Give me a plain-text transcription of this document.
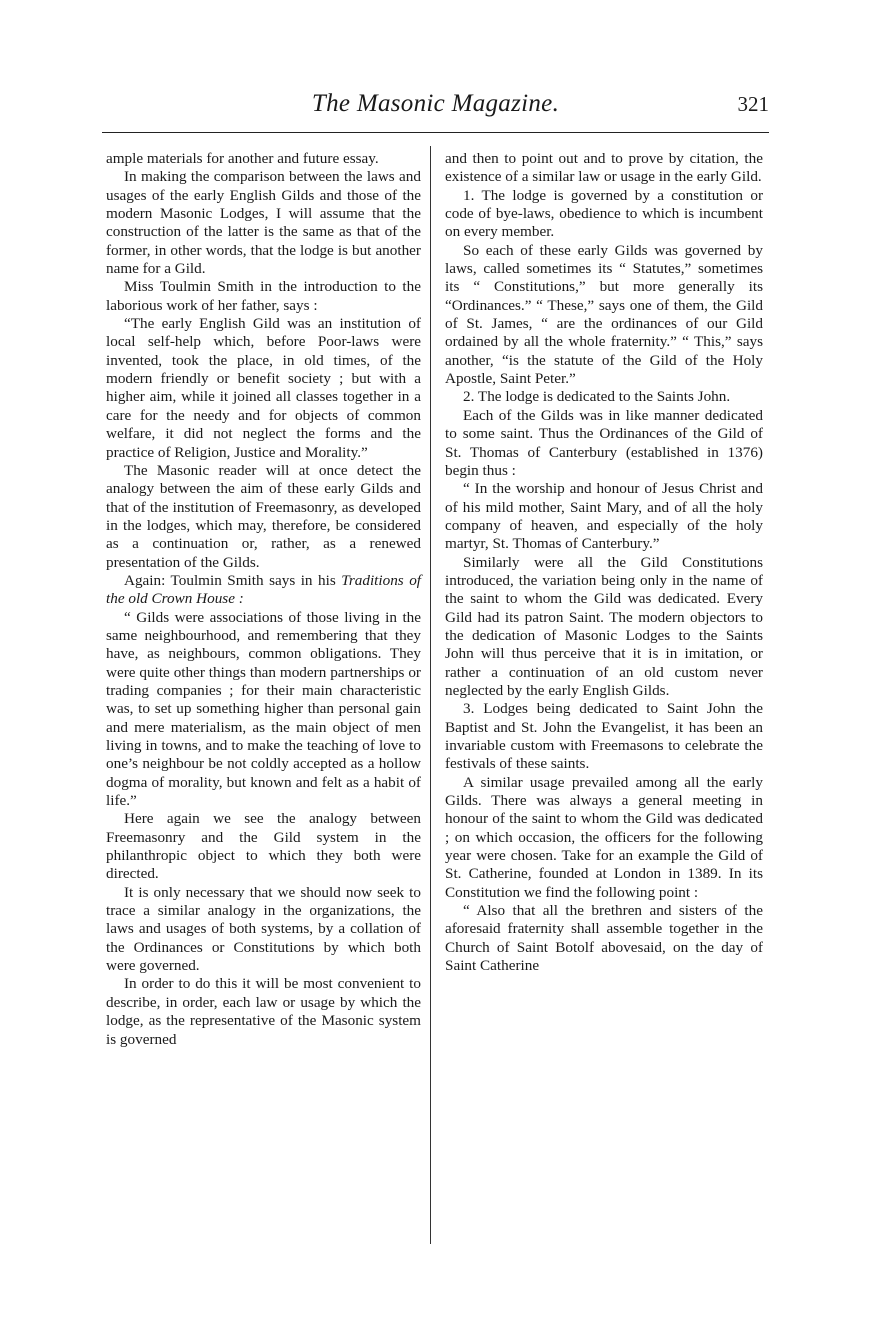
The Masonic Magazine.	321

ample materials for another and future essay.

In making the comparison between the laws and usages of the early English Gilds and those of the modern Masonic Lodges, I will assume that the construction of the latter is the same as that of the former, in other words, that the lodge is but another name for a Gild.

Miss Toulmin Smith in the introduction to the laborious work of her father, says :

“The early English Gild was an institution of local self-help which, before Poor-laws were invented, took the place, in old times, of the modern friendly or benefit society ; but with a higher aim, while it joined all classes together in a care for the needy and for objects of common welfare, it did not neglect the forms and the practice of Religion, Justice and Morality.”

The Masonic reader will at once detect the analogy between the aim of these early Gilds and that of the institution of Freemasonry, as developed in the lodges, which may, therefore, be considered as a continuation or, rather, as a renewed presentation of the Gilds.

Again: Toulmin Smith says in his Traditions of the old Crown House :

“ Gilds were associations of those living in the same neighbourhood, and remembering that they have, as neighbours, common obligations. They were quite other things than modern partnerships or trading companies ; for their main characteristic was, to set up something higher than personal gain and mere materialism, as the main object of men living in towns, and to make the teaching of love to one’s neighbour be not coldly accepted as a hollow dogma of morality, but known and felt as a habit of life.”

Here again we see the analogy between Freemasonry and the Gild system in the philanthropic object to which they both were directed.

It is only necessary that we should now seek to trace a similar analogy in the organizations, the laws and usages of both systems, by a collation of the Ordinances or Constitutions by which both were governed.

In order to do this it will be most convenient to describe, in order, each law or usage by which the lodge, as the representative of the Masonic system is governed

and then to point out and to prove by citation, the existence of a similar law or usage in the early Gild.

1. The lodge is governed by a constitution or code of bye-laws, obedience to which is incumbent on every member.

So each of these early Gilds was governed by laws, called sometimes its “ Statutes,” sometimes its “ Constitutions,” but more generally its “Ordinances.” “ These,” says one of them, the Gild of St. James, “ are the ordinances of our Gild ordained by all the whole fraternity.” “ This,” says another, “is the statute of the Gild of the Holy Apostle, Saint Peter.”

2. The lodge is dedicated to the Saints John.

Each of the Gilds was in like manner dedicated to some saint. Thus the Ordinances of the Gild of St. Thomas of Canterbury (established in 1376) begin thus :

“ In the worship and honour of Jesus Christ and of his mild mother, Saint Mary, and of all the holy company of heaven, and especially of the holy martyr, St. Thomas of Canterbury.”

Similarly were all the Gild Constitutions introduced, the variation being only in the name of the saint to whom the Gild was dedicated. Every Gild had its patron Saint. The modern objectors to the dedication of Masonic Lodges to the Saints John will thus perceive that it is in imitation, or rather a continuation of an old custom never neglected by the early English Gilds.

3. Lodges being dedicated to Saint John the Baptist and St. John the Evangelist, it has been an invariable custom with Freemasons to celebrate the festivals of these saints.

A similar usage prevailed among all the early Gilds. There was always a general meeting in honour of the saint to whom the Gild was dedicated ; on which occasion, the officers for the following year were chosen. Take for an example the Gild of St. Catherine, founded at London in 1389. In its Constitution we find the following point :

“ Also that all the brethren and sisters of the aforesaid fraternity shall assemble together in the Church of Saint Botolf abovesaid, on the day of Saint Catherine
